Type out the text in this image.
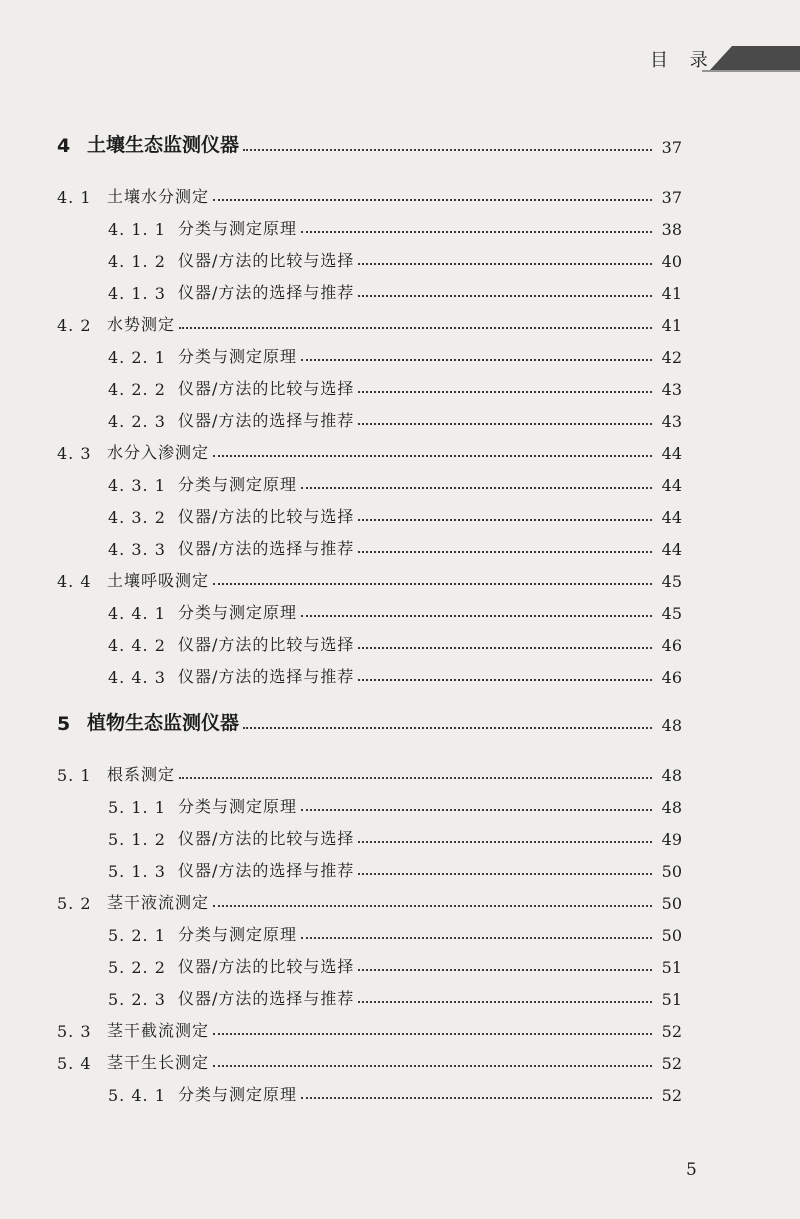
目 录
4 土壤生态监测仪器	37
4. 1 土壤水分测定	37
4. 1. 1 分类与测定原理	38
4. 1. 2 仪器/方法的比较与选择	40
4. 1. 3 仪器/方法的选择与推荐	41
4. 2 水势测定	41
4. 2. 1 分类与测定原理	42
4. 2. 2 仪器/方法的比较与选择	43
4. 2. 3 仪器/方法的选择与推荐	43
4. 3 水分入渗测定	44
4. 3. 1 分类与测定原理	44
4. 3. 2 仪器/方法的比较与选择	44
4. 3. 3 仪器/方法的选择与推荐	44
4. 4 土壤呼吸测定	45
4. 4. 1 分类与测定原理	45
4. 4. 2 仪器/方法的比较与选择	46
4. 4. 3 仪器/方法的选择与推荐	46
5 植物生态监测仪器	48
5. 1 根系测定	48
5. 1. 1 分类与测定原理	48
5. 1. 2 仪器/方法的比较与选择	49
5. 1. 3 仪器/方法的选择与推荐	50
5. 2 茎干液流测定	50
5. 2. 1 分类与测定原理	50
5. 2. 2 仪器/方法的比较与选择	51
5. 2. 3 仪器/方法的选择与推荐	51
5. 3 茎干截流测定	52
5. 4 茎干生长测定	52
5. 4. 1 分类与测定原理	52
5
